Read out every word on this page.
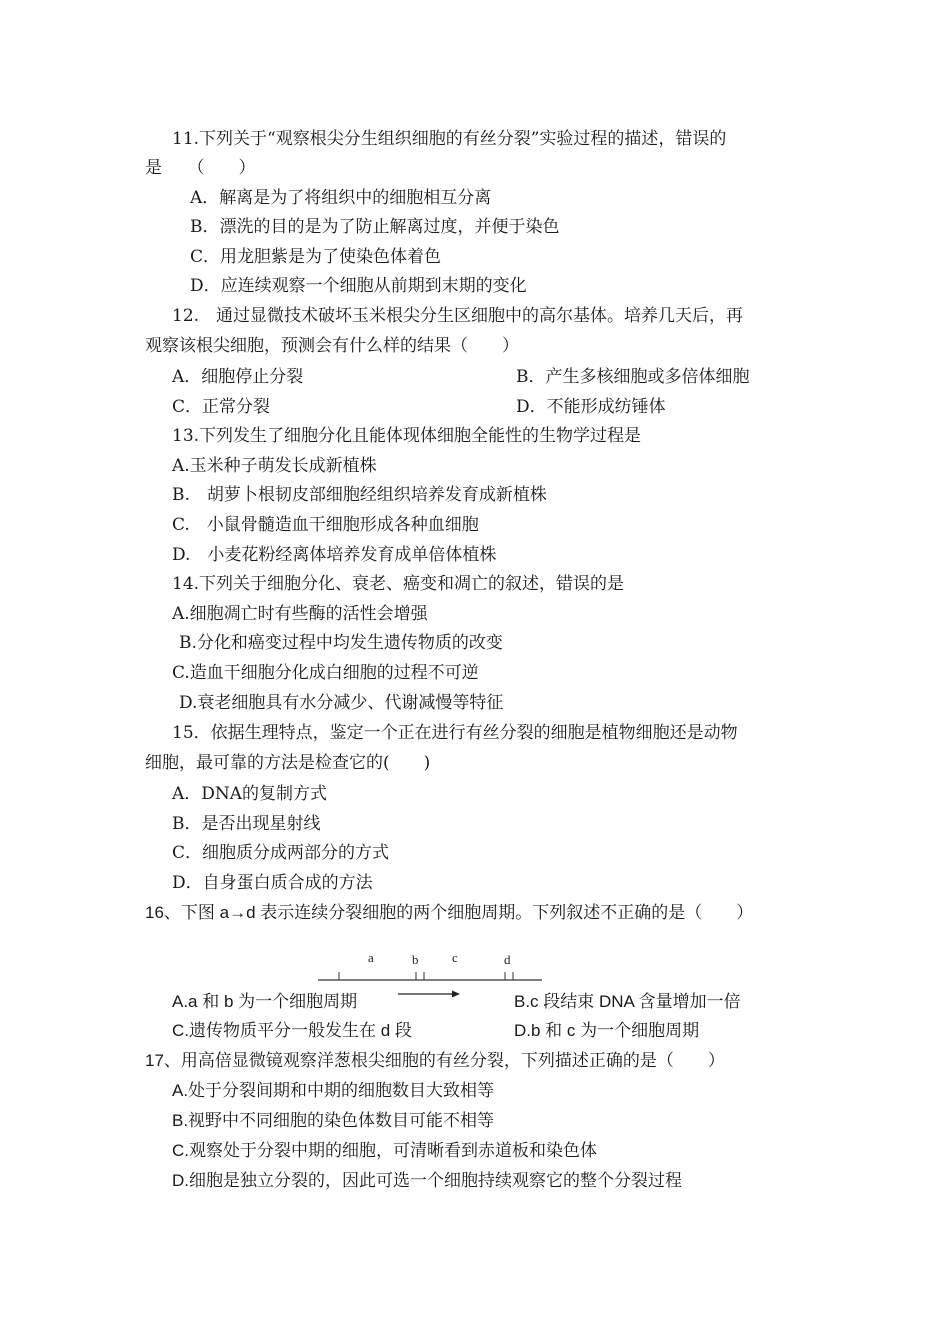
11.下列关于“观察根尖分生组织细胞的有丝分裂”实验过程的描述，错误的
是　　（　　）
A．解离是为了将组织中的细胞相互分离
B．漂洗的目的是为了防止解离过度，并便于染色
C．用龙胆紫是为了使染色体着色
D．应连续观察一个细胞从前期到末期的变化
12.　通过显微技术破坏玉米根尖分生区细胞中的高尔基体。培养几天后，再
观察该根尖细胞，预测会有什么样的结果（　　）
A．细胞停止分裂	B．产生多核细胞或多倍体细胞
C．正常分裂	D．不能形成纺锤体
13.下列发生了细胞分化且能体现体细胞全能性的生物学过程是
A.玉米种子萌发长成新植株
B.　胡萝卜根韧皮部细胞经组织培养发育成新植株
C.　小鼠骨髓造血干细胞形成各种血细胞
D.　小麦花粉经离体培养发育成单倍体植株
14.下列关于细胞分化、衰老、癌变和凋亡的叙述，错误的是
A.细胞凋亡时有些酶的活性会增强
B.分化和癌变过程中均发生遗传物质的改变
C.造血干细胞分化成白细胞的过程不可逆
D.衰老细胞具有水分减少、代谢减慢等特征
15．依据生理特点，鉴定一个正在进行有丝分裂的细胞是植物细胞还是动物
细胞，最可靠的方法是检查它的(　　)
A．DNA的复制方式
B．是否出现星射线
C．细胞质分成两部分的方式
D．自身蛋白质合成的方法
16、下图 a→d 表示连续分裂细胞的两个细胞周期。下列叙述不正确的是（　　）
a	b	c	d
A.a 和 b 为一个细胞周期	B.c 段结束 DNA 含量增加一倍
C.遗传物质平分一般发生在 d 段	D.b 和 c 为一个细胞周期
17、用高倍显微镜观察洋葱根尖细胞的有丝分裂，下列描述正确的是（　　）
A.处于分裂间期和中期的细胞数目大致相等
B.视野中不同细胞的染色体数目可能不相等
C.观察处于分裂中期的细胞，可清晰看到赤道板和染色体
D.细胞是独立分裂的，因此可选一个细胞持续观察它的整个分裂过程
